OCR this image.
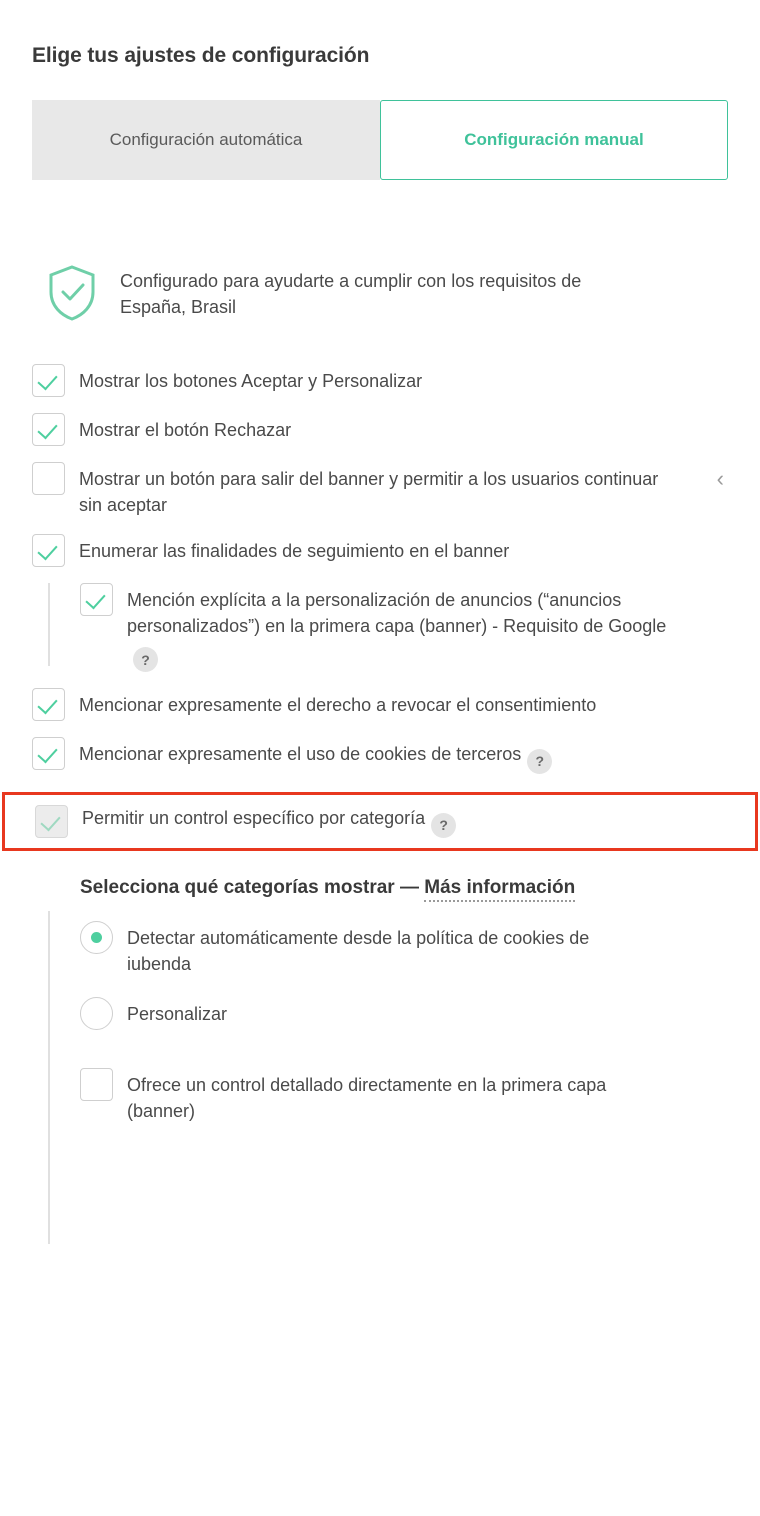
Elige tus ajustes de configuración
Configuración automática	Configuración manual
Configurado para ayudarte a cumplir con los requisitos de España, Brasil
Mostrar los botones Aceptar y Personalizar
Mostrar el botón Rechazar
Mostrar un botón para salir del banner y permitir a los usuarios continuar sin aceptar
‹
Enumerar las finalidades de seguimiento en el banner
Mención explícita a la personalización de anuncios (“anuncios personalizados”) en la primera capa (banner) - Requisito de Google?
Mencionar expresamente el derecho a revocar el consentimiento
Mencionar expresamente el uso de cookies de terceros ?
Permitir un control específico por categoría ?
Selecciona qué categorías mostrar — Más información
Detectar automáticamente desde la política de cookies de iubenda
Personalizar
Ofrece un control detallado directamente en la primera capa (banner)
